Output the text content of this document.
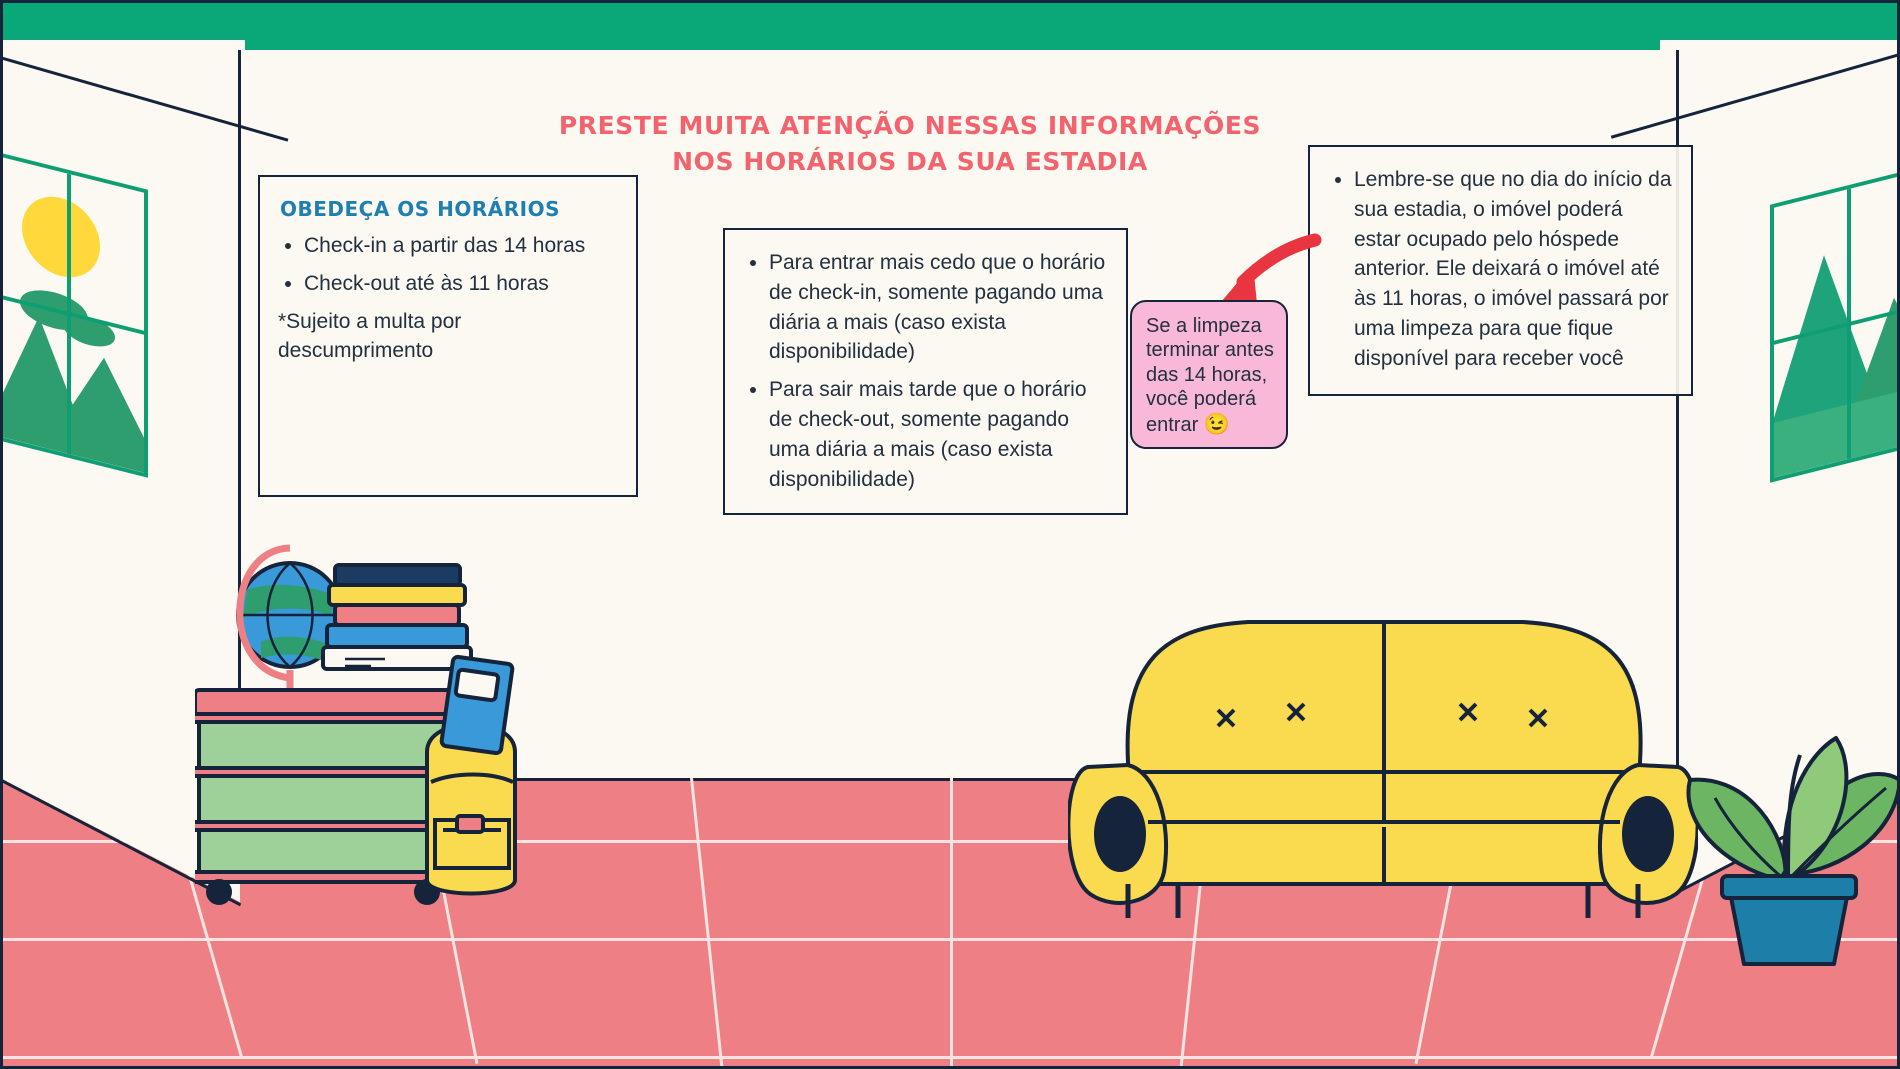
PRESTE MUITA ATENÇÃO NESSAS INFORMAÇÕES
NOS HORÁRIOS DA SUA ESTADIA
OBEDEÇA OS HORÁRIOS
• Check-in a partir das 14 horas
• Check-out até às 11 horas
*Sujeito a multa por descumprimento
• Para entrar mais cedo que o horário de check-in, somente pagando uma diária a mais (caso exista disponibilidade)
• Para sair mais tarde que o horário de check-out, somente pagando uma diária a mais (caso exista disponibilidade)
• Lembre-se que no dia do início da sua estadia, o imóvel poderá estar ocupado pelo hóspede anterior. Ele deixará o imóvel até às 11 horas, o imóvel passará por uma limpeza para que fique disponível para receber você
Se a limpeza terminar antes das 14 horas, você poderá entrar 😉
